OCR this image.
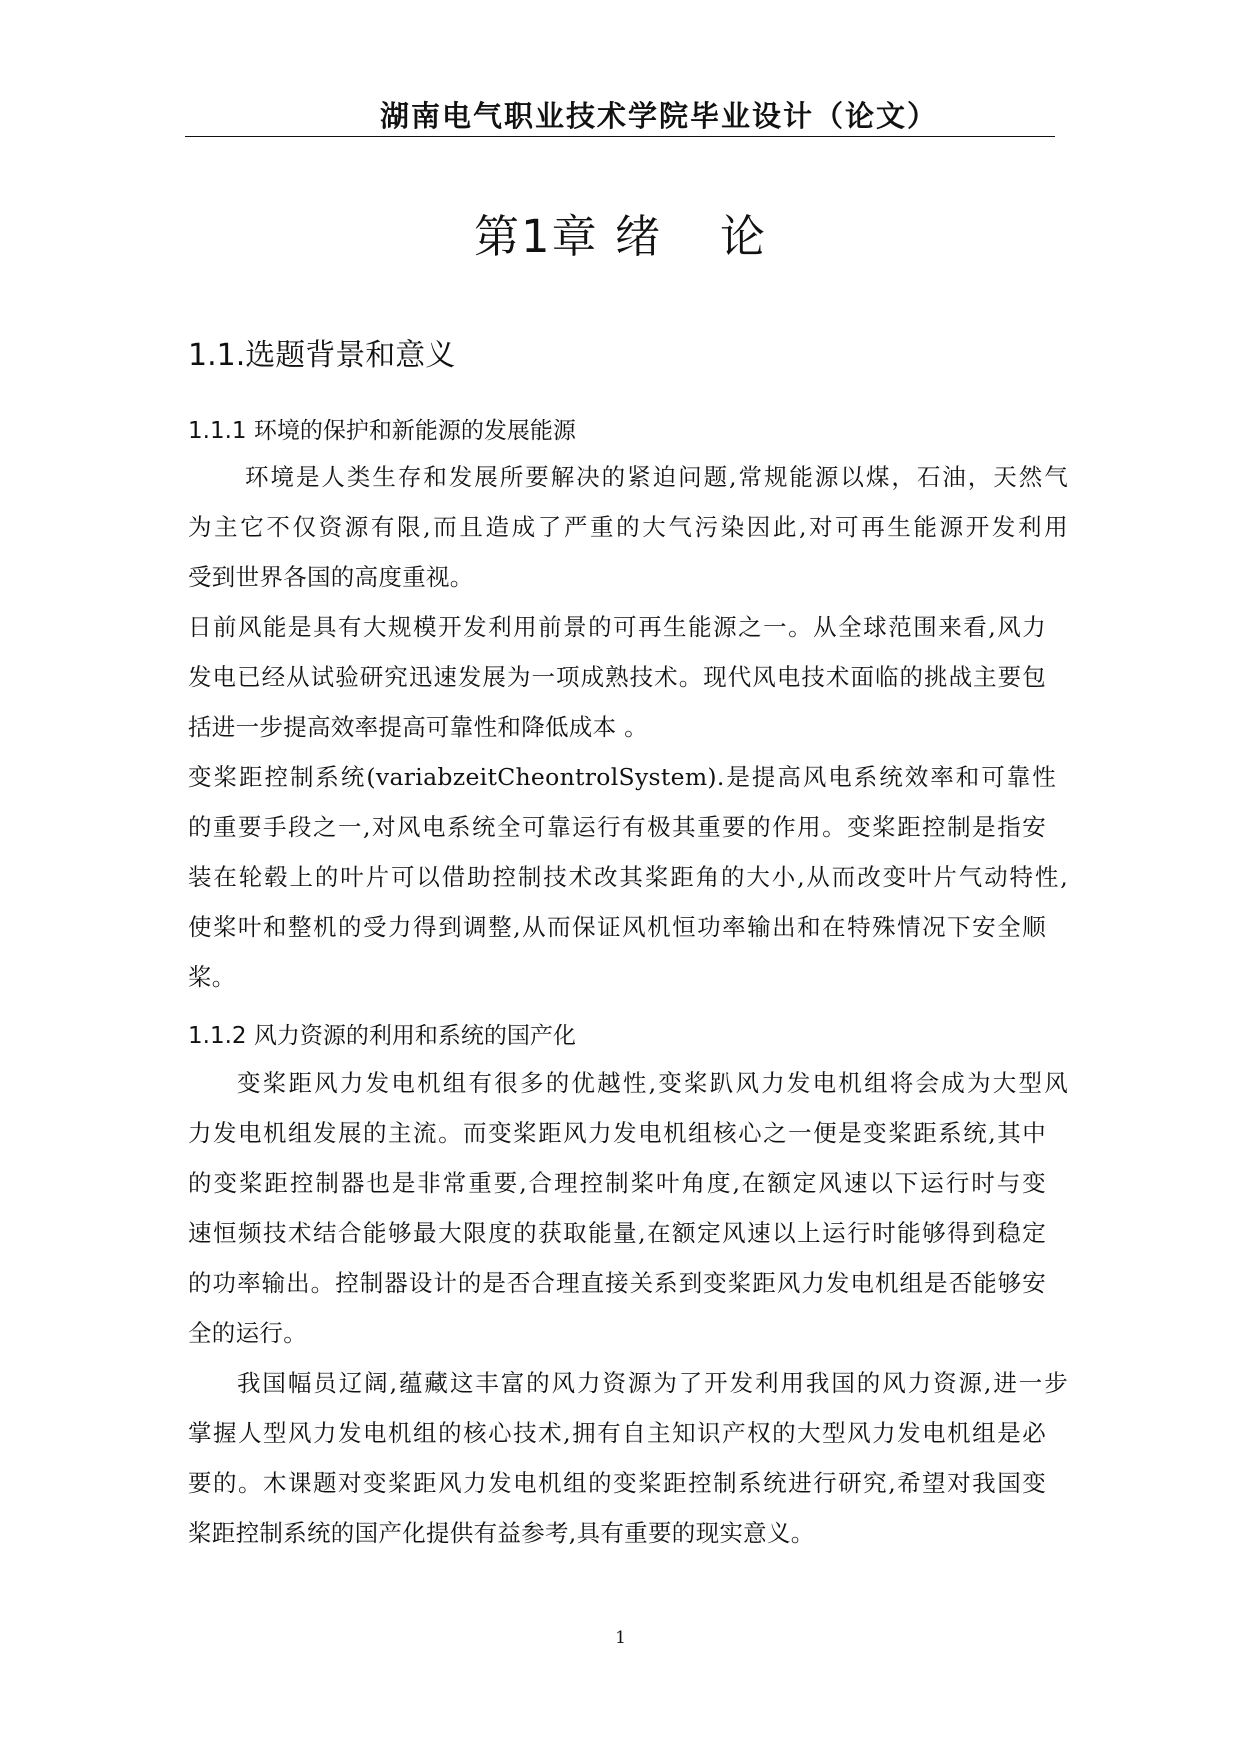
湖南电气职业技术学院毕业设计（论文）
第1章 绪 论
1.1.选题背景和意义
1.1.1 环境的保护和新能源的发展能源
环境是人类生存和发展所要解决的紧迫问题,常规能源以煤，石油，天然气
为主它不仅资源有限,而且造成了严重的大气污染因此,对可再生能源开发利用
受到世界各国的高度重视。
日前风能是具有大规模开发利用前景的可再生能源之一。从全球范围来看,风力
发电已经从试验研究迅速发展为一项成熟技术。现代风电技术面临的挑战主要包
括进一步提高效率提高可靠性和降低成本 。
变桨距控制系统(variabzeitCheontrolSystem).是提高风电系统效率和可靠性
的重要手段之一,对风电系统全可靠运行有极其重要的作用。变桨距控制是指安
装在轮毂上的叶片可以借助控制技术改其桨距角的大小,从而改变叶片气动特性,
使桨叶和整机的受力得到调整,从而保证风机恒功率输出和在特殊情况下安全顺
桨。
1.1.2 风力资源的利用和系统的国产化
变桨距风力发电机组有很多的优越性,变桨趴风力发电机组将会成为大型风
力发电机组发展的主流。而变桨距风力发电机组核心之一便是变桨距系统,其中
的变桨距控制器也是非常重要,合理控制桨叶角度,在额定风速以下运行时与变
速恒频技术结合能够最大限度的获取能量,在额定风速以上运行时能够得到稳定
的功率输出。控制器设计的是否合理直接关系到变桨距风力发电机组是否能够安
全的运行。
我国幅员辽阔,蕴藏这丰富的风力资源为了开发利用我国的风力资源,进一步
掌握人型风力发电机组的核心技术,拥有自主知识产权的大型风力发电机组是必
要的。木课题对变桨距风力发电机组的变桨距控制系统进行研究,希望对我国变
桨距控制系统的国产化提供有益参考,具有重要的现实意义。
1
